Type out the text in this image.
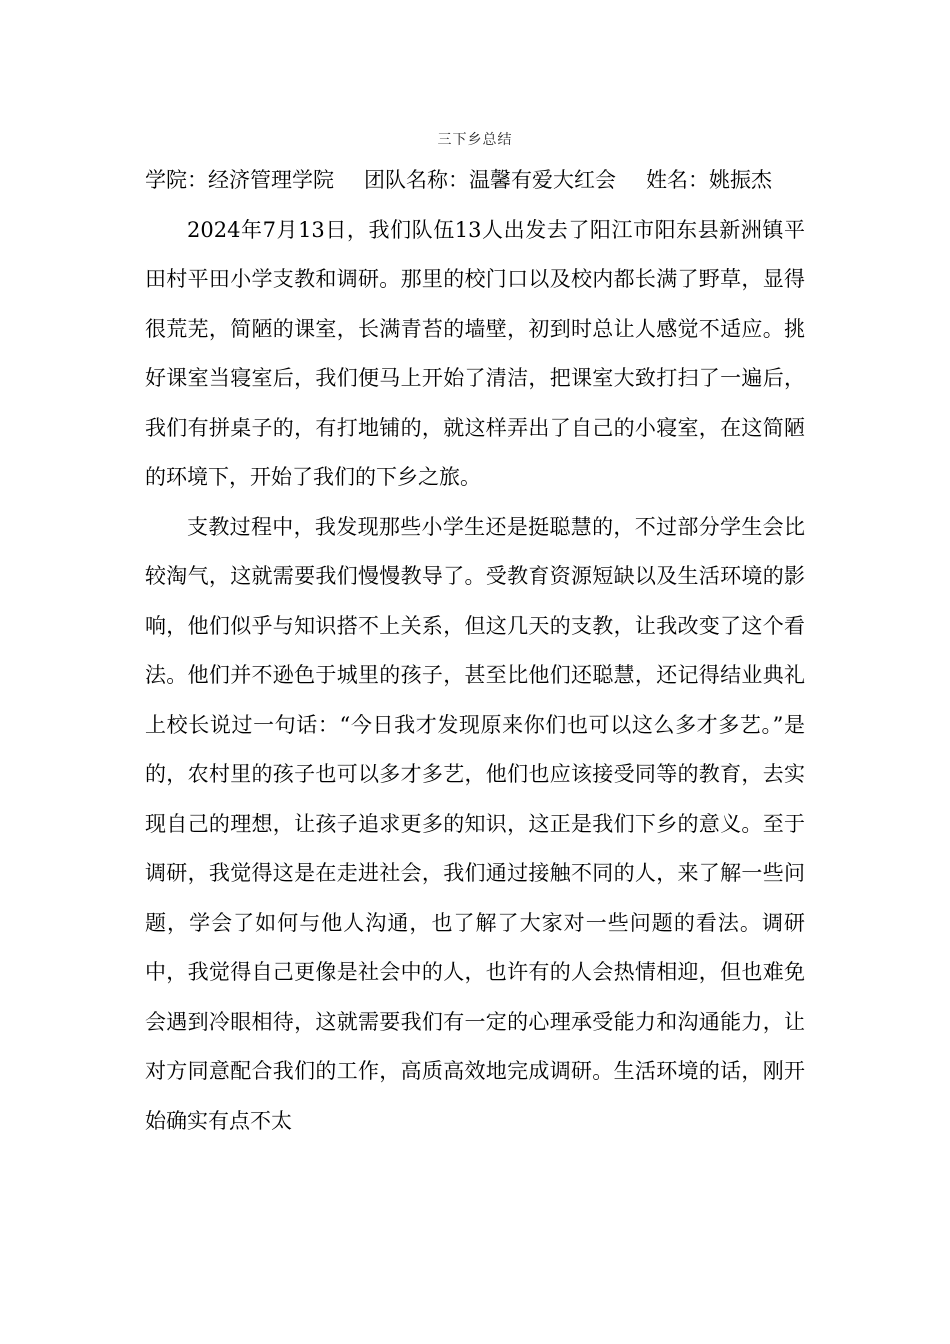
三下乡总结

学院：经济管理学院 团队名称：温馨有爱大红会 姓名：姚振杰

2024年7月13日，我们队伍13人出发去了阳江市阳东县新洲镇平田村平田小学支教和调研。那里的校门口以及校内都长满了野草，显得很荒芜，简陋的课室，长满青苔的墙壁，初到时总让人感觉不适应。挑好课室当寝室后，我们便马上开始了清洁，把课室大致打扫了一遍后，我们有拼桌子的，有打地铺的，就这样弄出了自己的小寝室，在这简陋的环境下，开始了我们的下乡之旅。

支教过程中，我发现那些小学生还是挺聪慧的，不过部分学生会比较淘气，这就需要我们慢慢教导了。受教育资源短缺以及生活环境的影响，他们似乎与知识搭不上关系，但这几天的支教，让我改变了这个看法。他们并不逊色于城里的孩子，甚至比他们还聪慧，还记得结业典礼上校长说过一句话：“今日我才发现原来你们也可以这么多才多艺。”是的，农村里的孩子也可以多才多艺，他们也应该接受同等的教育，去实现自己的理想，让孩子追求更多的知识，这正是我们下乡的意义。至于调研，我觉得这是在走进社会，我们通过接触不同的人，来了解一些问题，学会了如何与他人沟通，也了解了大家对一些问题的看法。调研中，我觉得自己更像是社会中的人，也许有的人会热情相迎，但也难免会遇到冷眼相待，这就需要我们有一定的心理承受能力和沟通能力，让对方同意配合我们的工作，高质高效地完成调研。生活环境的话，刚开始确实有点不太
